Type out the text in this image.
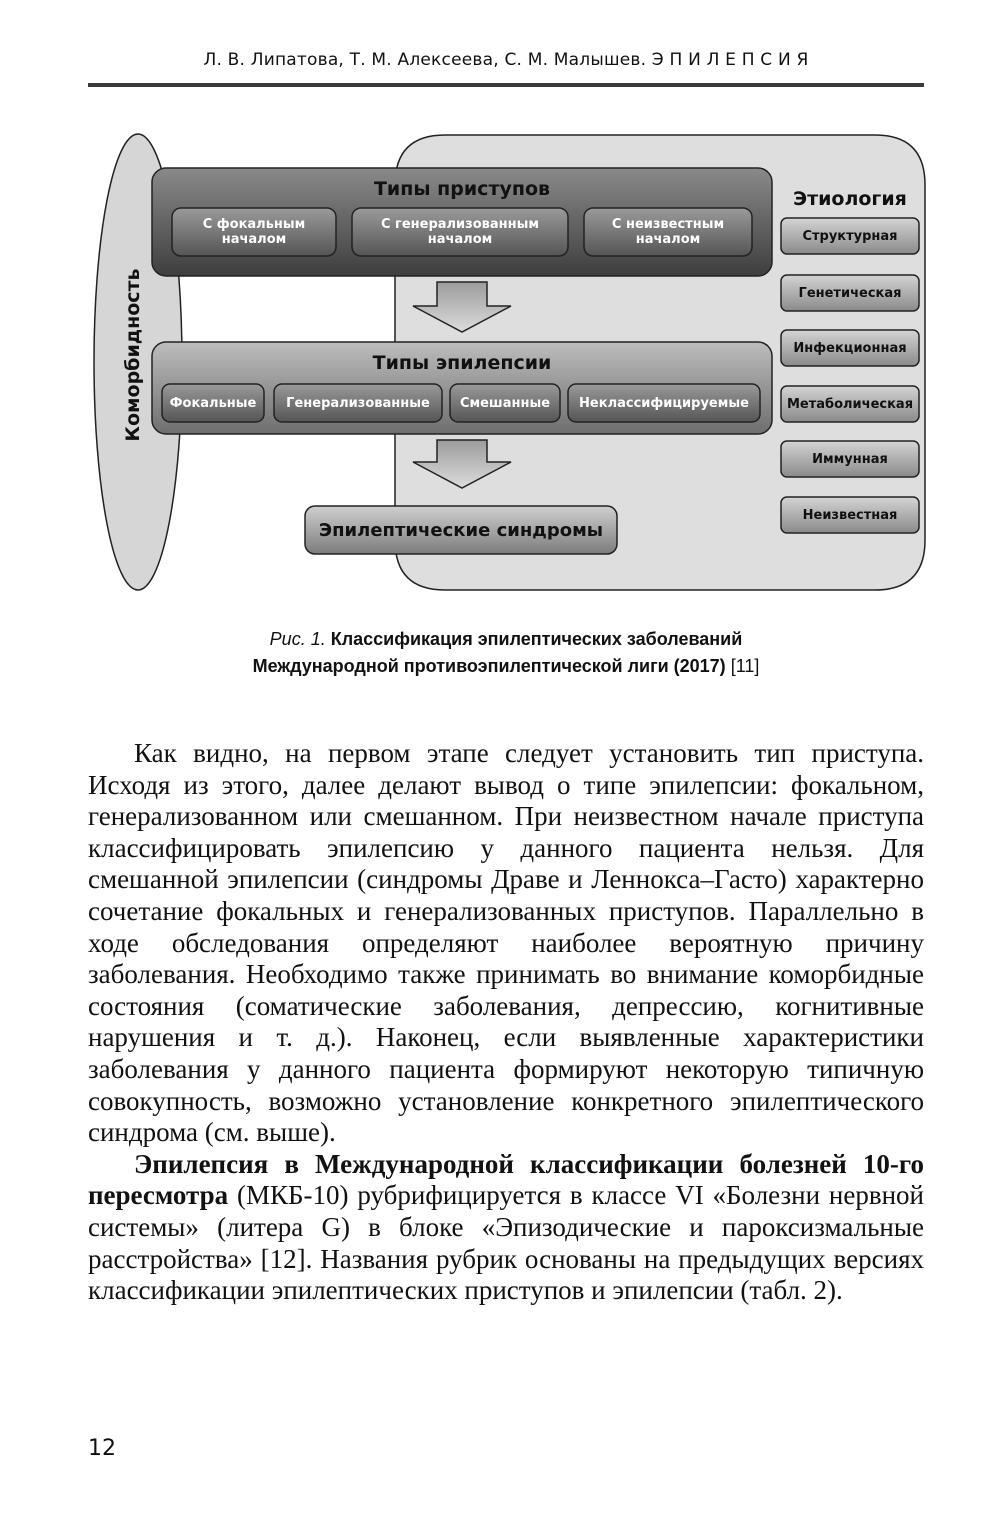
Л. В. Липатова, Т. М. Алексеева, С. М. Малышев. Э П И Л Е П С И Я
Коморбидность
Типы приступов
С фокальным началом
С генерализованным началом
С неизвестным началом
Типы эпилепсии
Фокальные	Генерализованные	Смешанные	Неклассифицируемые
Эпилептические синдромы
Этиология
Структурная
Генетическая
Инфекционная
Метаболическая
Иммунная
Неизвестная
Рис. 1. Классификация эпилептических заболеваний
Международной противоэпилептической лиги (2017) [11]

Как видно, на первом этапе следует установить тип приступа. Исходя из этого, далее делают вывод о типе эпилепсии: фокальном, генерализованном или смешанном. При неизвестном начале приступа классифицировать эпилепсию у данного пациента нельзя. Для смешанной эпилепсии (синдромы Драве и Леннокса–Гасто) характерно сочетание фокальных и генерализованных приступов. Параллельно в ходе обследования определяют наиболее вероятную причину заболевания. Необходимо также принимать во внимание коморбидные состояния (соматические заболевания, депрессию, когнитивные нарушения и т. д.). Наконец, если выявленные характеристики заболевания у данного пациента формируют некоторую типичную совокупность, возможно установление конкретного эпилептического синдрома (см. выше).

Эпилепсия в Международной классификации болезней 10-го пересмотра (МКБ-10) рубрифицируется в классе VI «Болезни нервной системы» (литера G) в блоке «Эпизодические и пароксизмальные расстройства» [12]. Названия рубрик основаны на предыдущих версиях классификации эпилептических приступов и эпилепсии (табл. 2).

12
